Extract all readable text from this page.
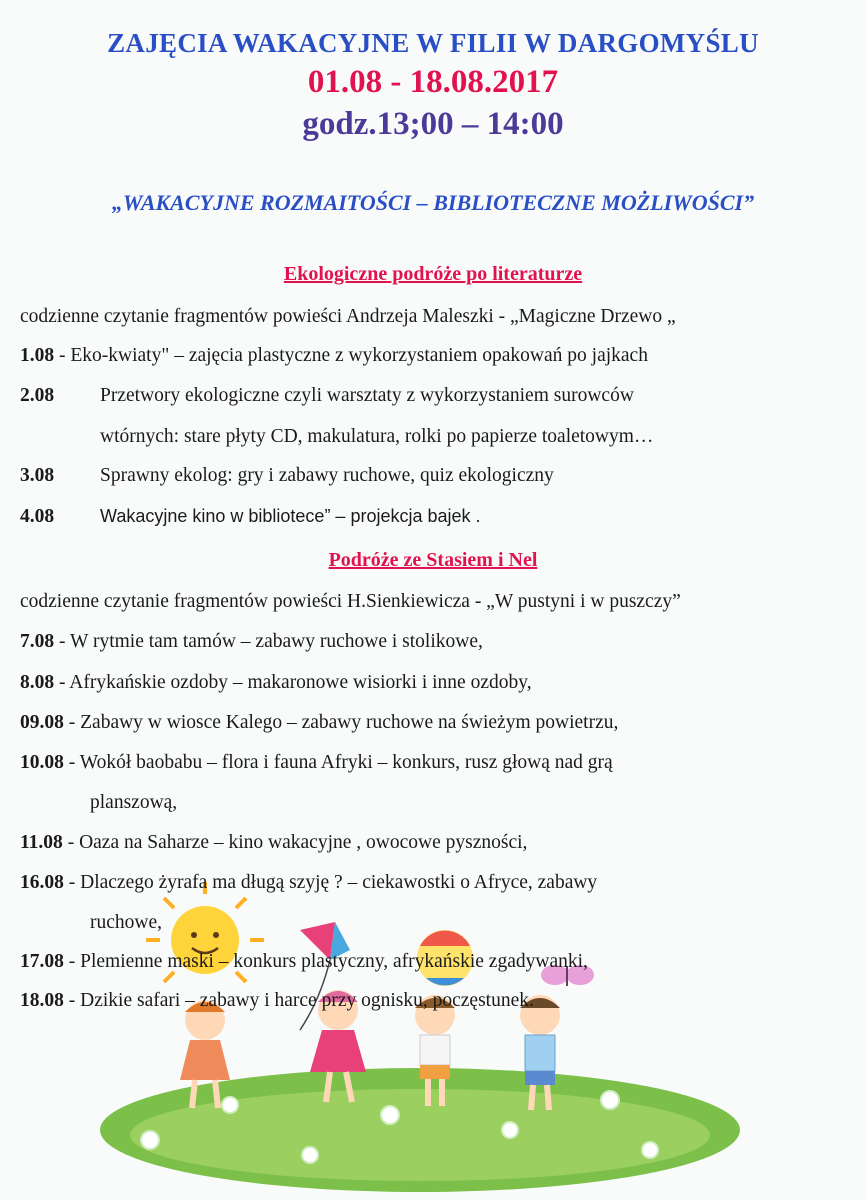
ZAJĘCIA WAKACYJNE W FILII W DARGOMYŚLU
01.08 - 18.08.2017
godz.13;00 – 14:00
„WAKACYJNE ROZMAITOŚCI – BIBLIOTECZNE MOŻLIWOŚCI”
Ekologiczne podróże po literaturze
codzienne czytanie fragmentów powieści Andrzeja Maleszki - „Magiczne Drzewo „
1.08 - Eko-kwiaty" – zajęcia plastyczne z wykorzystaniem opakowań po jajkach
2.08 Przetwory ekologiczne czyli warsztaty z wykorzystaniem surowców
wtórnych: stare płyty CD, makulatura, rolki po papierze toaletowym…
3.08 Sprawny ekolog: gry i zabawy ruchowe, quiz ekologiczny
4.08	Wakacyjne kino w bibliotece” – projekcja bajek .
Podróże ze Stasiem i Nel
codzienne czytanie fragmentów powieści H.Sienkiewicza - „W pustyni i w puszczy”
7.08 - W rytmie tam tamów – zabawy ruchowe i stolikowe,
8.08 - Afrykańskie ozdoby – makaronowe wisiorki i inne ozdoby,
09.08 - Zabawy w wiosce Kalego – zabawy ruchowe na świeżym powietrzu,
10.08 - Wokół baobabu – flora i fauna Afryki – konkurs, rusz głową nad grą
planszową,
11.08 - Oaza na Saharze – kino wakacyjne , owocowe pyszności,
16.08 - Dlaczego żyrafa ma długą szyję ? – ciekawostki o Afryce, zabawy
ruchowe,
17.08 - Plemienne maski – konkurs plastyczny, afrykańskie zgadywanki,
18.08 - Dzikie safari – zabawy i harce przy ognisku, poczęstunek.
